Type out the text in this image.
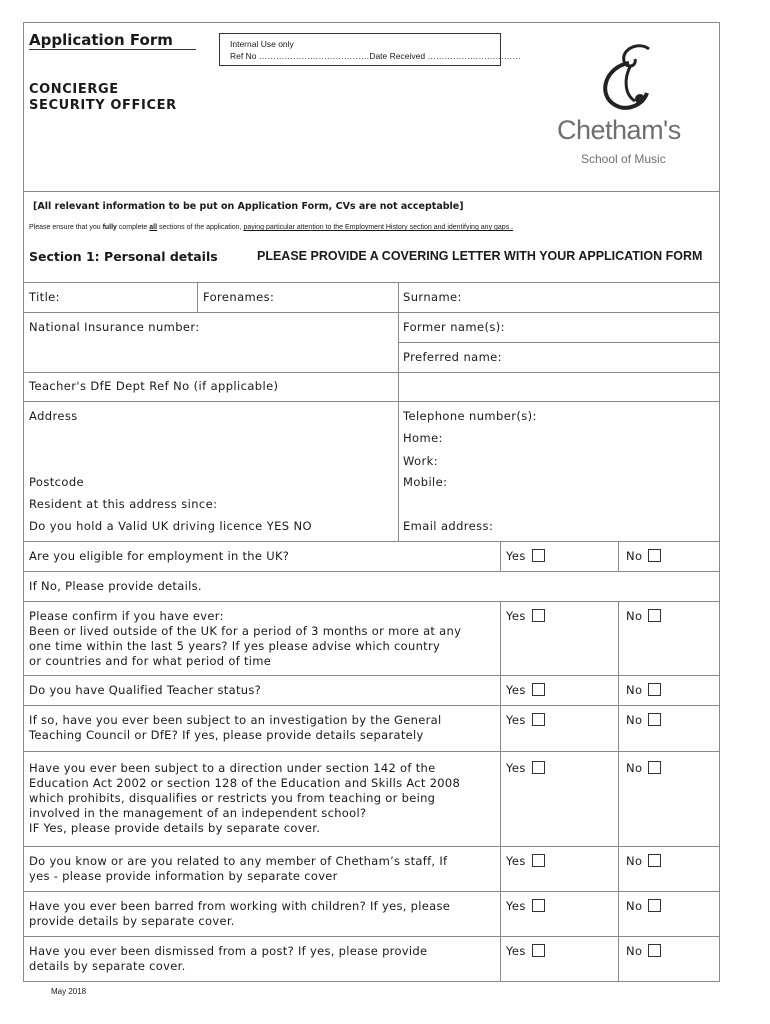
Application Form	Internal Use only
Ref No …………………………………Date Received ……………………………
CONCIERGE
SECURITY OFFICER
Chetham's
School of Music
[All relevant information to be put on Application Form, CVs are not acceptable]
Please ensure that you fully complete all sections of the application, paying particular attention to the Employment History section and identifying any gaps .
Section 1: Personal details	PLEASE PROVIDE A COVERING LETTER WITH YOUR APPLICATION FORM
Title:	Forenames:	Surname:
National Insurance number:	Former name(s):
Preferred name:
Teacher's DfE Dept Ref No (if applicable)
Address
Postcode
Resident at this address since:
Do you hold a Valid UK driving licence YES NO
Telephone number(s):
Home:
Work:
Mobile:
Email address:
Are you eligible for employment in the UK?	Yes	No
If No, Please provide details.
Please confirm if you have ever:
Been or lived outside of the UK for a period of 3 months or more at any
one time within the last 5 years? If yes please advise which country
or countries and for what period of time
Yes	No
Do you have Qualified Teacher status?	Yes	No
If so, have you ever been subject to an investigation by the General
Teaching Council or DfE? If yes, please provide details separately
Yes	No
Have you ever been subject to a direction under section 142 of the
Education Act 2002 or section 128 of the Education and Skills Act 2008
which prohibits, disqualifies or restricts you from teaching or being
involved in the management of an independent school?
IF Yes, please provide details by separate cover.
Yes	No
Do you know or are you related to any member of Chetham’s staff, If
yes - please provide information by separate cover
Yes	No
Have you ever been barred from working with children? If yes, please
provide details by separate cover.
Yes	No
Have you ever been dismissed from a post? If yes, please provide
details by separate cover.
Yes	No
May 2018
